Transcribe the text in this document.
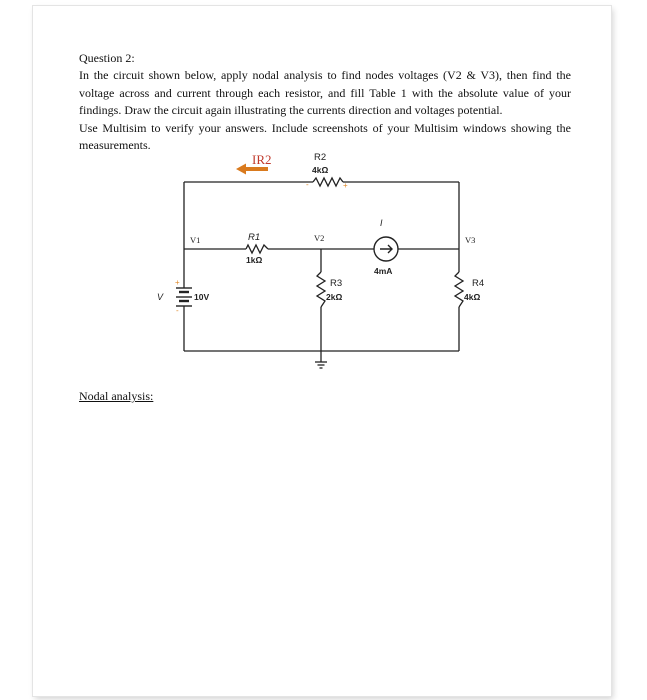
Question 2:

In the circuit shown below, apply nodal analysis to find nodes voltages (V2 & V3), then find the voltage across and current through each resistor, and fill Table 1 with the absolute value of your findings. Draw the circuit again illustrating the currents direction and voltages potential.

Use Multisim to verify your answers. Include screenshots of your Multisim windows showing the measurements.

IR2	R2
4kΩ
-	+
I
V1	R1	V2	V3
1kΩ
4mA
R3
2kΩ
R4
4kΩ
V
+
-
10V
Nodal analysis:
